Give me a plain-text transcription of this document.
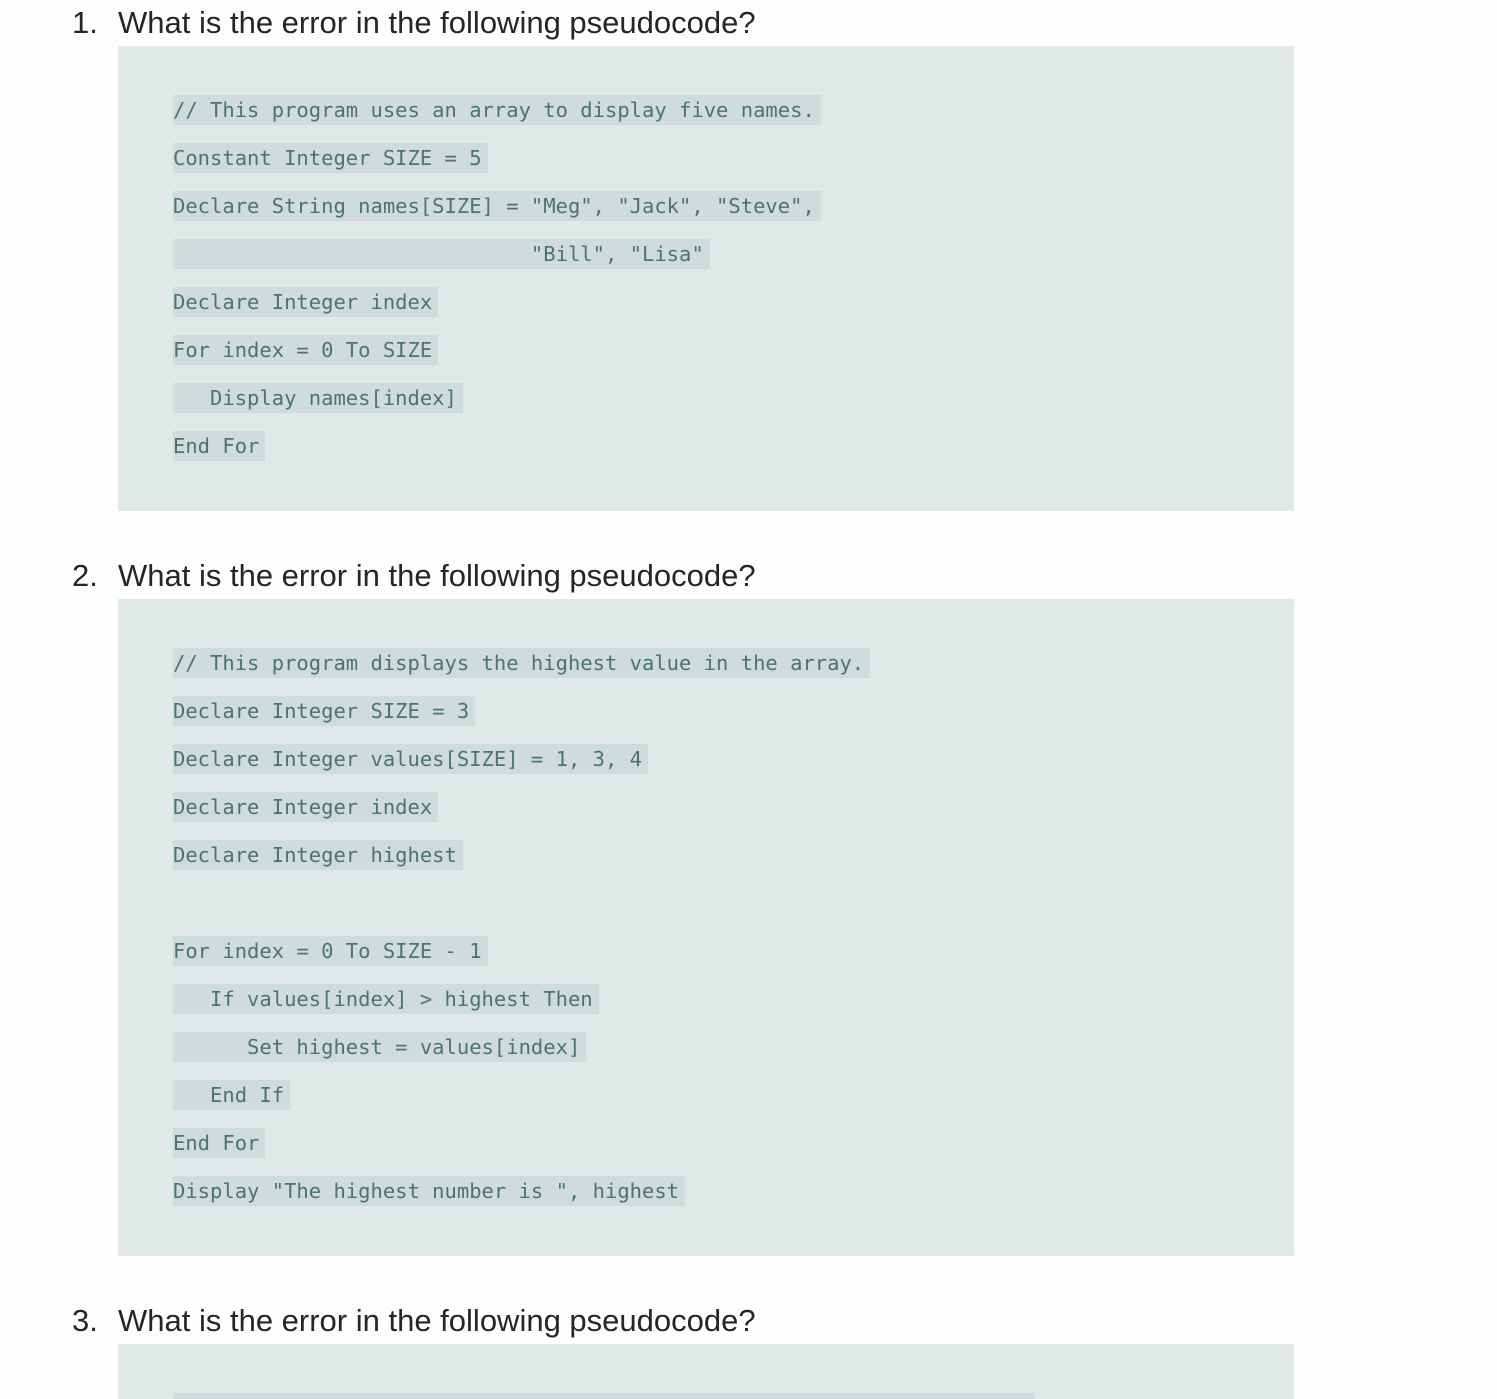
1. What is the error in the following pseudocode?
// This program uses an array to display five names.
Constant Integer SIZE = 5
Declare String names[SIZE] = "Meg", "Jack", "Steve",
"Bill", "Lisa"
Declare Integer index
For index = 0 To SIZE
Display names[index]
End For
2. What is the error in the following pseudocode?
// This program displays the highest value in the array.
Declare Integer SIZE = 3
Declare Integer values[SIZE] = 1, 3, 4
Declare Integer index
Declare Integer highest
For index = 0 To SIZE - 1
If values[index] > highest Then
Set highest = values[index]
End If
End For
Display "The highest number is ", highest
3. What is the error in the following pseudocode?
